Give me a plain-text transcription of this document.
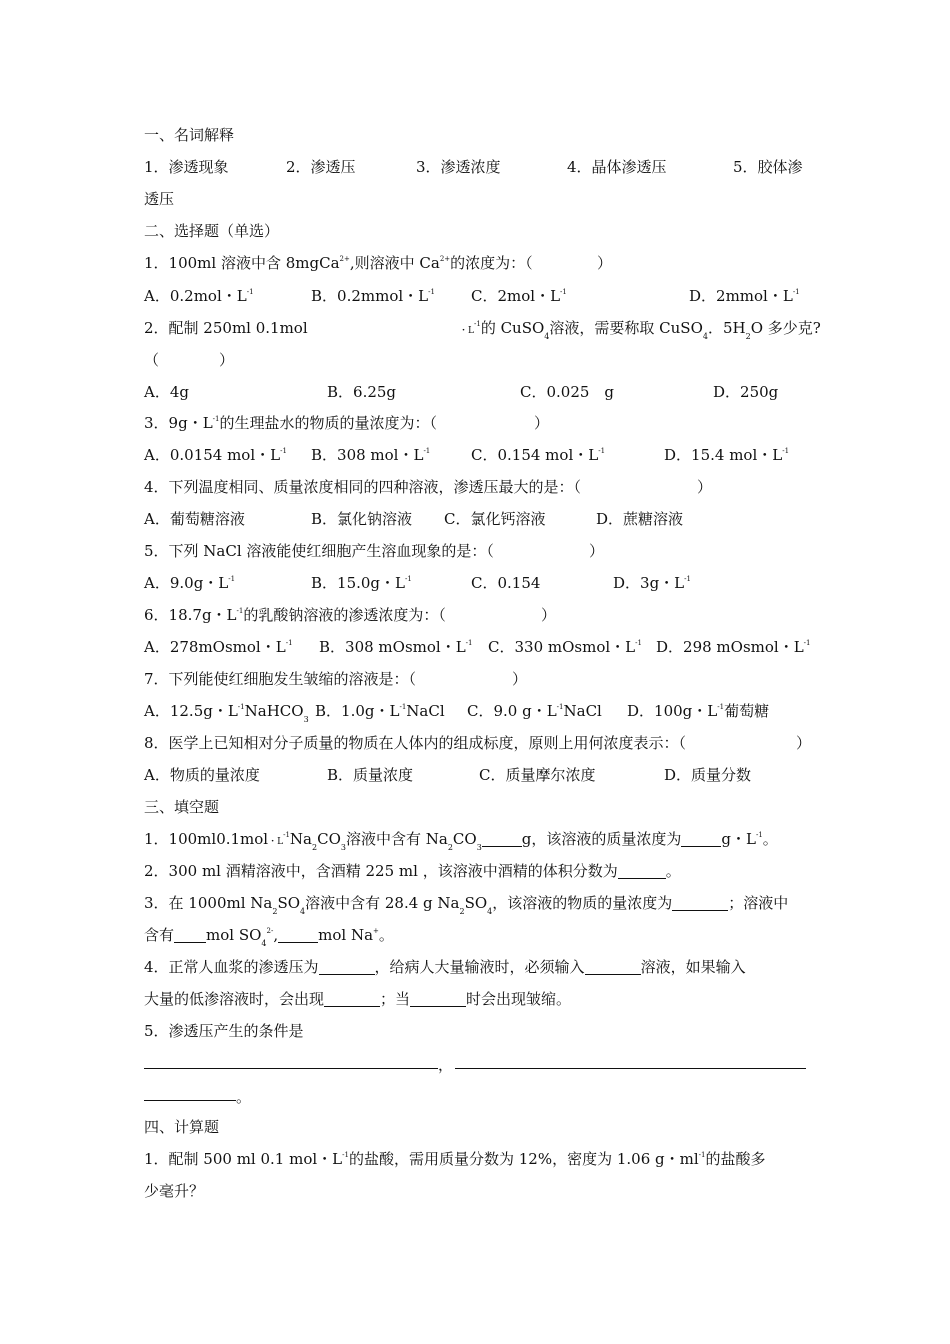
一、名词解释
1．渗透现象	2．渗透压	3．渗透浓度	4．晶体渗透压	5．胶体渗
透压
二、选择题（单选）
1．100ml 溶液中含 8mgCa$^{2+}$,则溶液中 $Ca^{2+}$的浓度为：（	）
A．0.2mol・$L^{-1}$	B．0.2mmol・$L^{-1}$ C．2mol・$L^{-1}$	D．2mmol・$L^{-1}$
2．配制 250ml 0.1mol	・$L^{-1}$的 CuSO$_4$溶液，需要称取 CuSO$_4$．$5H_2O$ 多少克?
（　　　　）
A．4g	B．6.25g	C．0.025　g	D．250g
3．9g・$L^{-1}$的生理盐水的物质的量浓度为：（	）
A．0.0154 mol・$L^{-1}$ B．308 mol・$L^{-1}$	C．0.154 mol・$L^{-1}$	D．15.4 mol・$L^{-1}$
4．下列温度相同、质量浓度相同的四种溶液，渗透压最大的是：（	）
A．葡萄糖溶液	B．氯化钠溶液 C．氯化钙溶液	D．蔗糖溶液
5．下列 NaCl 溶液能使红细胞产生溶血现象的是：（	）
A．9.0g・$L^{-1}$	B．15.0g・$L^{-1}$	C．0.154	D．3g・$L^{-1}$
6．18.7g・$L^{-1}$的乳酸钠溶液的渗透浓度为：（	）
A．278mOsmol・$L^{-1}$ B．308 mOsmol・$L^{-1}$ C．330 mOsmol・$L^{-1}$ D．298 mOsmol・$L^{-1}$
7．下列能使红细胞发生皱缩的溶液是：（	）
A．12.5g・$L^{-1}NaHCO_3$ B．1.0g・$L^{-1}NaCl$ C．9.0 g・$L^{-1}NaCl$ D．100g・$L^{-1}$葡萄糖
8．医学上已知相对分子质量的物质在人体内的组成标度，原则上用何浓度表示：（	）
A．物质的量浓度	B．质量浓度	C．质量摩尔浓度	D．质量分数
三、填空题
1．100ml0.1mol・$L^{-1}Na_2CO_3$溶液中含有 $Na_2CO_3$	g，该溶液的质量浓度为	g・$L^{-1}$。
2．300 ml 酒精溶液中，含酒精 225 ml ，该溶液中酒精的体积分数为	。
3．在 1000ml $Na_2SO_4$溶液中含有 28.4 g $Na_2SO_4$，该溶液的物质的量浓度为	；溶液中
含有 mol $SO_4^{2-}$,	mol Na+。
4．正常人血浆的渗透压为	，给病人大量输液时，必须输入	溶液，如果输入
大量的低渗溶液时，会出现	；当	时会出现皱缩。
5．渗透压产生的条件是
，
。
四、计算题
1．配制 500 ml 0.1 mol・$L^{-1}$的盐酸，需用质量分数为 12%，密度为 1.06 g・$ml^{-1}$的盐酸多
少毫升？
